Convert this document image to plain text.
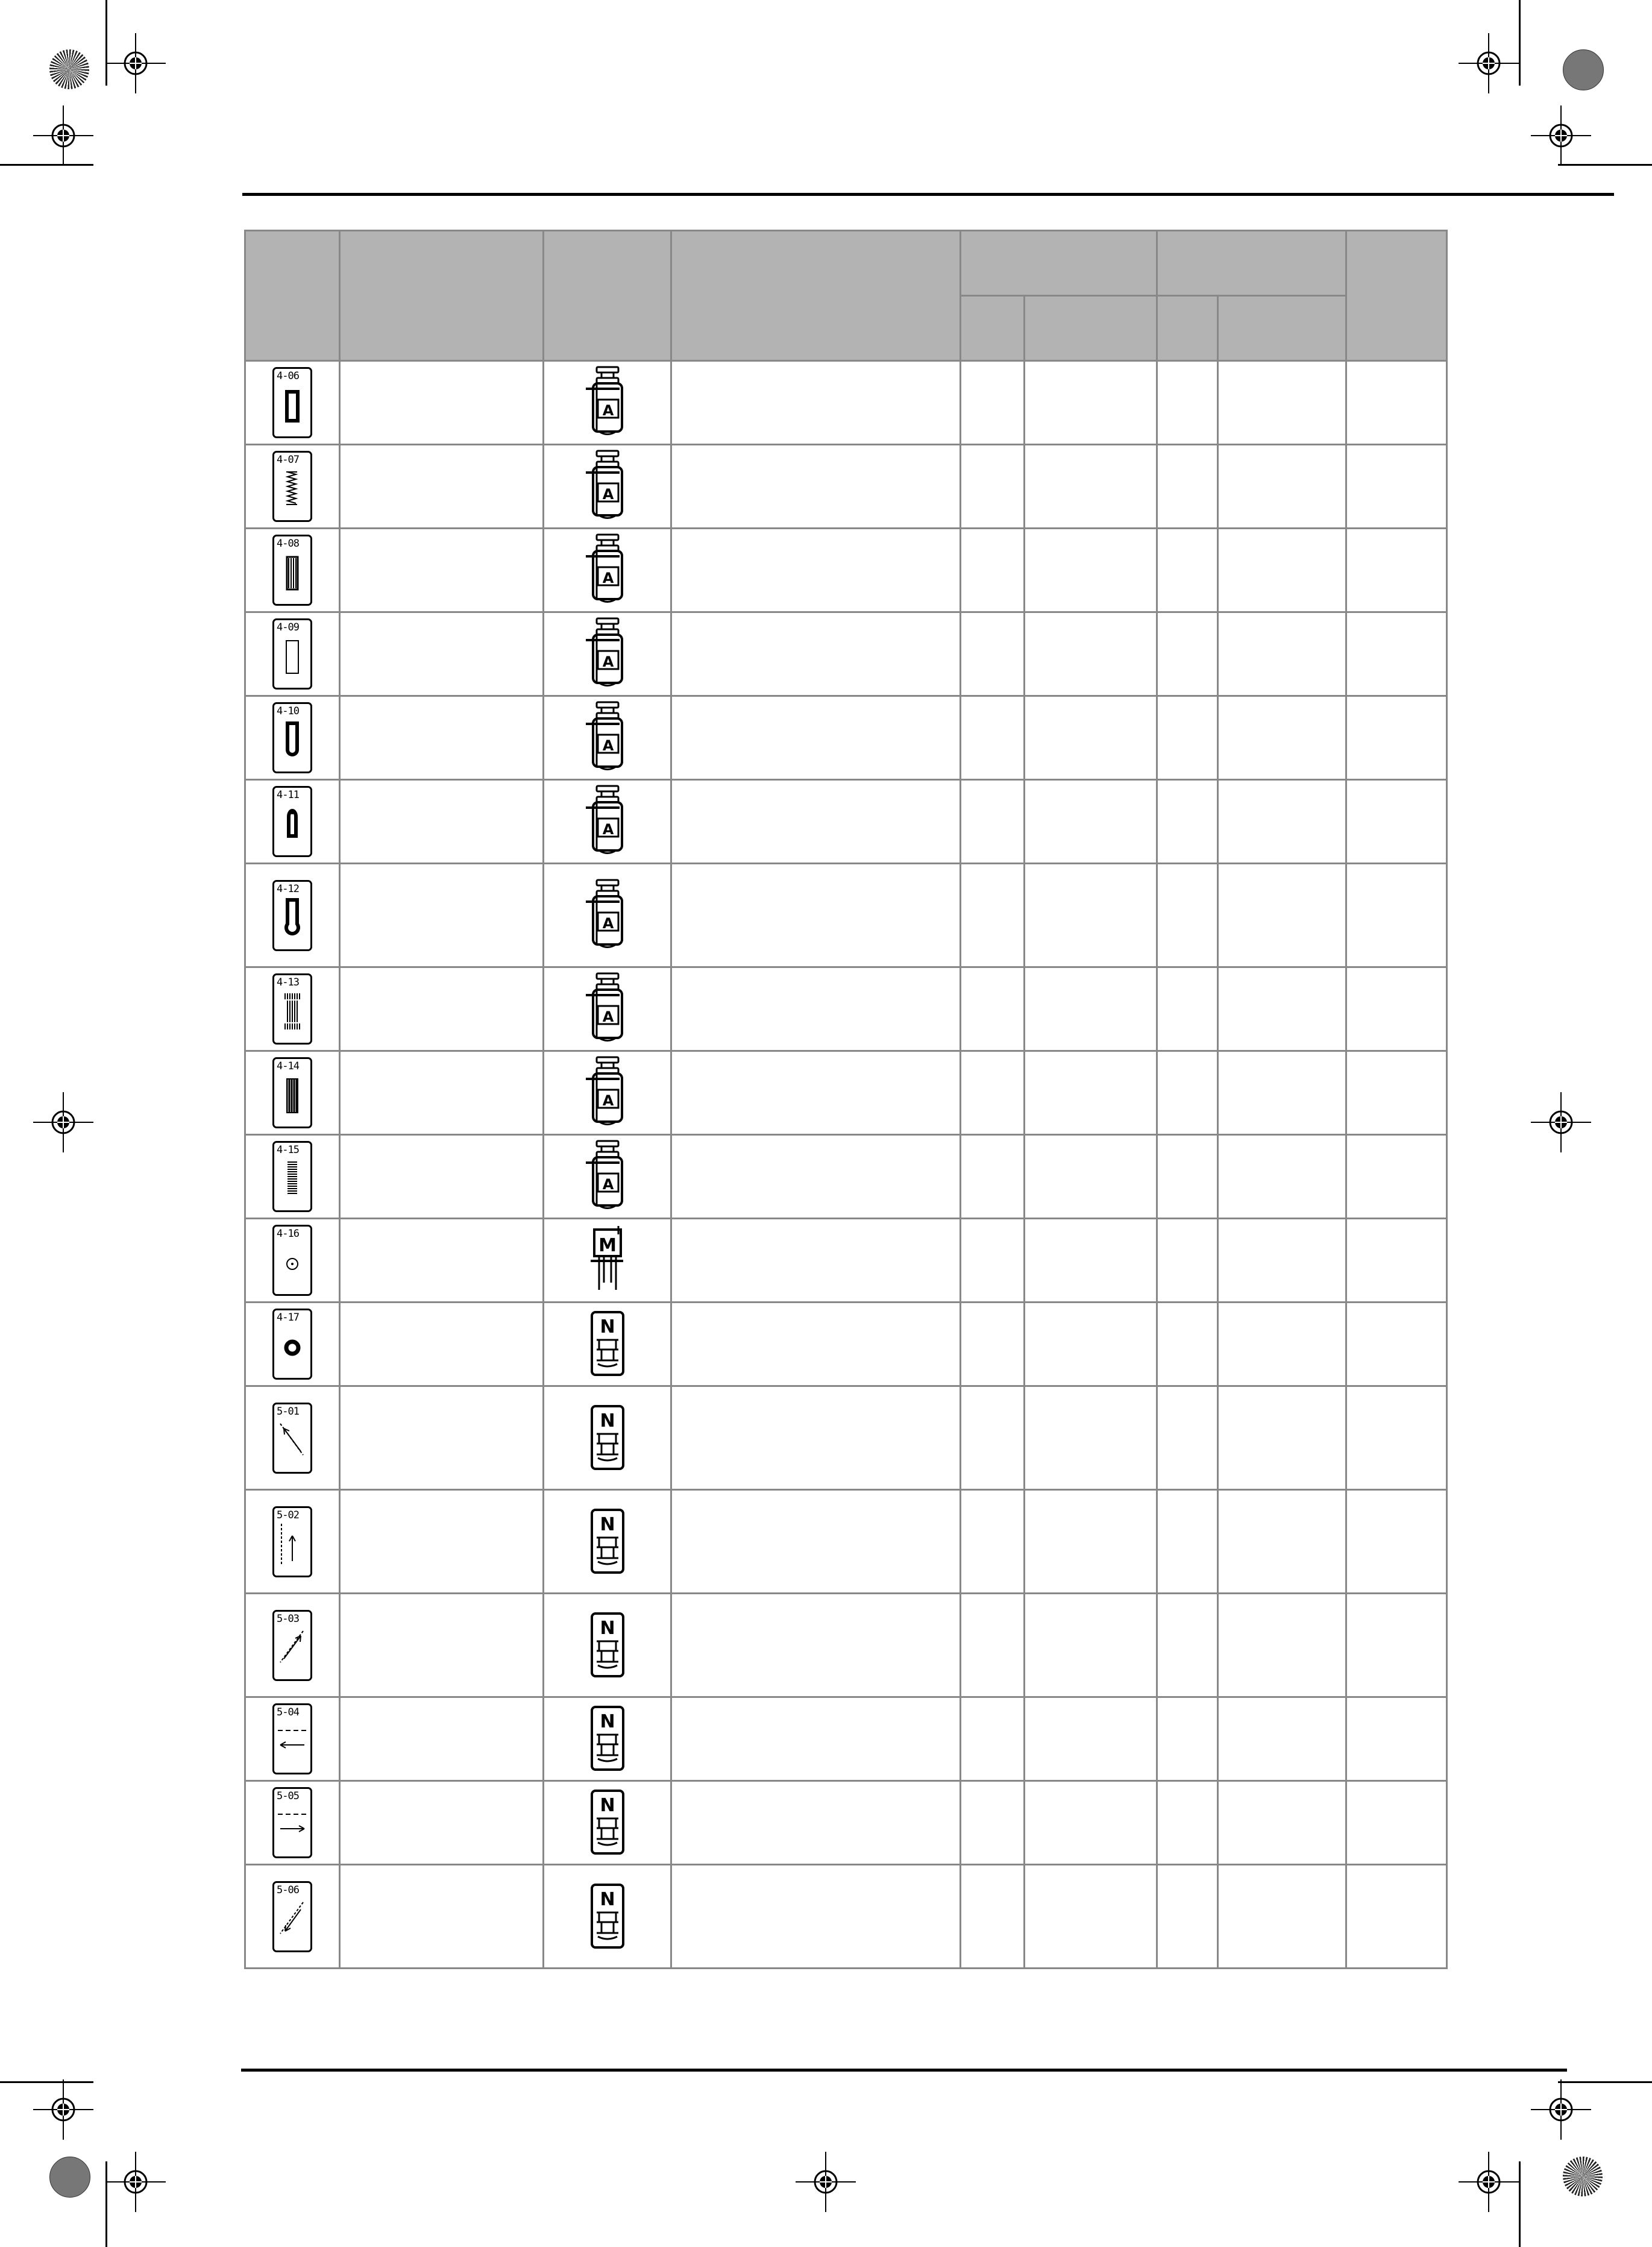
4-06		A						

4-07		A						

4-08		A						

4-09		A						

4-10		A						

4-11		A						

4-12		A						

4-13		A						

4-14		A						

4-15		A						

4-16		M						

4-17		N						

5-01		N						

5-02		N						

5-03		N						

5-04		N						

5-05		N						

5-06		N						
